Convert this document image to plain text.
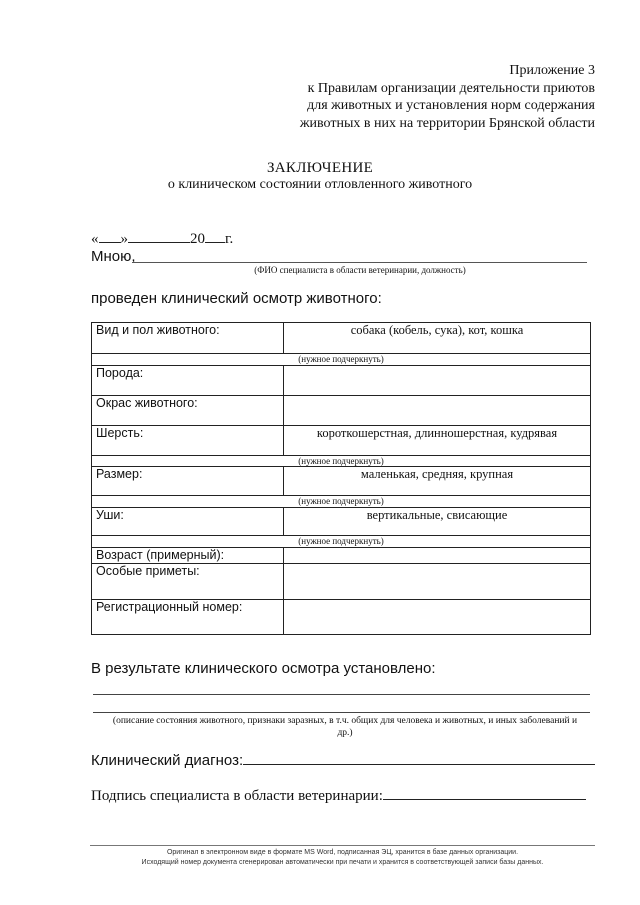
Приложение 3
к Правилам организации деятельности приютов
для животных и установления норм содержания
животных в них на территории Брянской области
ЗАКЛЮЧЕНИЕ
о клиническом состоянии отловленного животного
« »	20 г.
Мною,
(ФИО специалиста в области ветеринарии, должность)
проведен клинический осмотр животного:
Вид и пол животного:	собака (кобель, сука), кот, кошка
(нужное подчеркнуть)	
Порода:	
Окрас животного:	
Шерсть:	короткошерстная, длинношерстная, кудрявая
(нужное подчеркнуть)	
Размер:	маленькая, средняя, крупная
(нужное подчеркнуть)	
Уши:	вертикальные, свисающие
(нужное подчеркнуть)	
Возраст (примерный):	
Особые приметы:	
Регистрационный номер:	
В результате клинического осмотра установлено:
(описание состояния животного, признаки заразных, в т.ч. общих для человека и животных, и иных заболеваний и др.)
Клинический диагноз:
Подпись специалиста в области ветеринарии:
Оригинал в электронном виде в формате MS Word, подписанная ЭЦ, хранится в базе данных организации.
Исходящий номер документа сгенерирован автоматически при печати и хранится в соответствующей записи базы данных.
